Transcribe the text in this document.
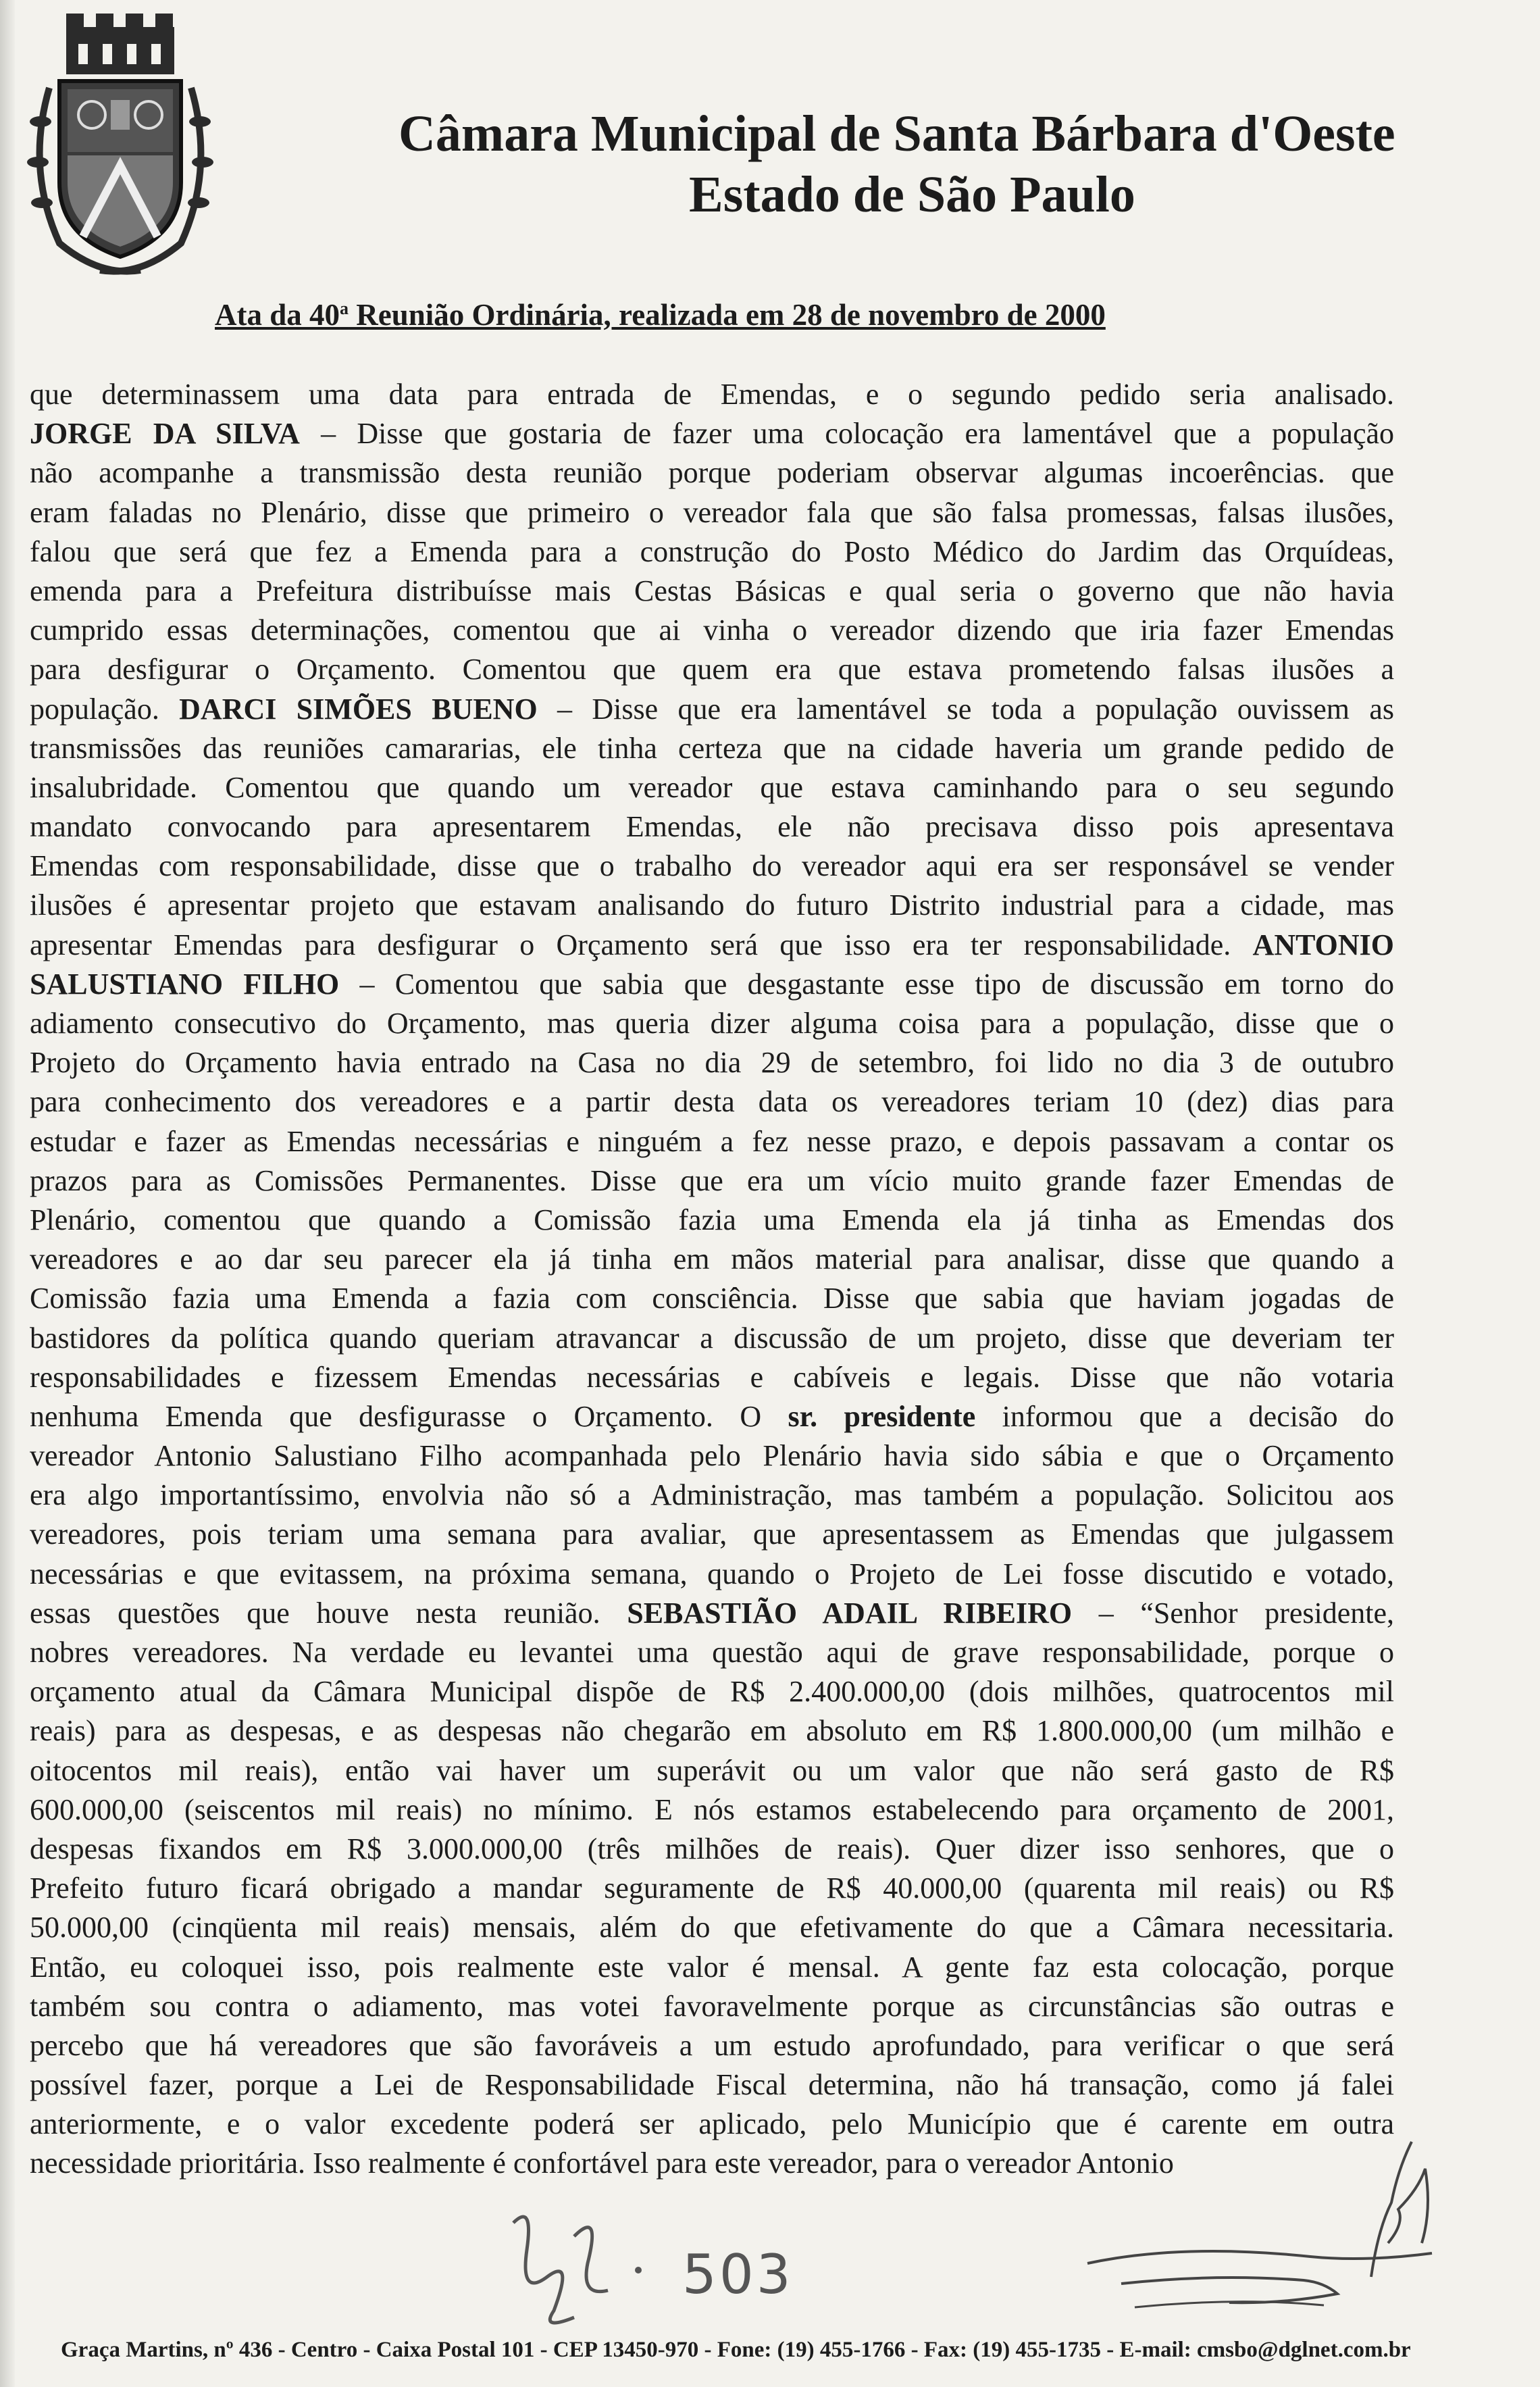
Câmara Municipal de Santa Bárbara d'Oeste
Estado de São Paulo
Ata da 40$^a$ Reunião Ordinária, realizada em 28 de novembro de 2000
que determinassem uma data para entrada de Emendas, e o segundo pedido seria analisado.
JORGE DA SILVA – Disse que gostaria de fazer uma colocação era lamentável que a população
não acompanhe a transmissão desta reunião porque poderiam observar algumas incoerências. que
eram faladas no Plenário, disse que primeiro o vereador fala que são falsa promessas, falsas ilusões,
falou que será que fez a Emenda para a construção do Posto Médico do Jardim das Orquídeas,
emenda para a Prefeitura distribuísse mais Cestas Básicas e qual seria o governo que não havia
cumprido essas determinações, comentou que ai vinha o vereador dizendo que iria fazer Emendas
para desfigurar o Orçamento. Comentou que quem era que estava prometendo falsas ilusões a
população. DARCI SIMÕES BUENO – Disse que era lamentável se toda a população ouvissem as
transmissões das reuniões camararias, ele tinha certeza que na cidade haveria um grande pedido de
insalubridade. Comentou que quando um vereador que estava caminhando para o seu segundo
mandato convocando para apresentarem Emendas, ele não precisava disso pois apresentava
Emendas com responsabilidade, disse que o trabalho do vereador aqui era ser responsável se vender
ilusões é apresentar projeto que estavam analisando do futuro Distrito industrial para a cidade, mas
apresentar Emendas para desfigurar o Orçamento será que isso era ter responsabilidade. ANTONIO
SALUSTIANO FILHO – Comentou que sabia que desgastante esse tipo de discussão em torno do
adiamento consecutivo do Orçamento, mas queria dizer alguma coisa para a população, disse que o
Projeto do Orçamento havia entrado na Casa no dia 29 de setembro, foi lido no dia 3 de outubro
para conhecimento dos vereadores e a partir desta data os vereadores teriam 10 (dez) dias para
estudar e fazer as Emendas necessárias e ninguém a fez nesse prazo, e depois passavam a contar os
prazos para as Comissões Permanentes. Disse que era um vício muito grande fazer Emendas de
Plenário, comentou que quando a Comissão fazia uma Emenda ela já tinha as Emendas dos
vereadores e ao dar seu parecer ela já tinha em mãos material para analisar, disse que quando a
Comissão fazia uma Emenda a fazia com consciência. Disse que sabia que haviam jogadas de
bastidores da política quando queriam atravancar a discussão de um projeto, disse que deveriam ter
responsabilidades e fizessem Emendas necessárias e cabíveis e legais. Disse que não votaria
nenhuma Emenda que desfigurasse o Orçamento. O sr. presidente informou que a decisão do
vereador Antonio Salustiano Filho acompanhada pelo Plenário havia sido sábia e que o Orçamento
era algo importantíssimo, envolvia não só a Administração, mas também a população. Solicitou aos
vereadores, pois teriam uma semana para avaliar, que apresentassem as Emendas que julgassem
necessárias e que evitassem, na próxima semana, quando o Projeto de Lei fosse discutido e votado,
essas questões que houve nesta reunião. SEBASTIÃO ADAIL RIBEIRO – “Senhor presidente,
nobres vereadores. Na verdade eu levantei uma questão aqui de grave responsabilidade, porque o
orçamento atual da Câmara Municipal dispõe de R$ 2.400.000,00 (dois milhões, quatrocentos mil
reais) para as despesas, e as despesas não chegarão em absoluto em R$ 1.800.000,00 (um milhão e
oitocentos mil reais), então vai haver um superávit ou um valor que não será gasto de R$
600.000,00 (seiscentos mil reais) no mínimo. E nós estamos estabelecendo para orçamento de 2001,
despesas fixandos em R$ 3.000.000,00 (três milhões de reais). Quer dizer isso senhores, que o
Prefeito futuro ficará obrigado a mandar seguramente de R$ 40.000,00 (quarenta mil reais) ou R$
50.000,00 (cinqüenta mil reais) mensais, além do que efetivamente do que a Câmara necessitaria.
Então, eu coloquei isso, pois realmente este valor é mensal. A gente faz esta colocação, porque
também sou contra o adiamento, mas votei favoravelmente porque as circunstâncias são outras e
percebo que há vereadores que são favoráveis a um estudo aprofundado, para verificar o que será
possível fazer, porque a Lei de Responsabilidade Fiscal determina, não há transação, como já falei
anteriormente, e o valor excedente poderá ser aplicado, pelo Município que é carente em outra
necessidade prioritária. Isso realmente é confortável para este vereador, para o vereador Antonio
503
Graça Martins, nº 436 - Centro - Caixa Postal 101 - CEP 13450-970 - Fone: (19) 455-1766 - Fax: (19) 455-1735 - E-mail: cmsbo@dglnet.com.br
